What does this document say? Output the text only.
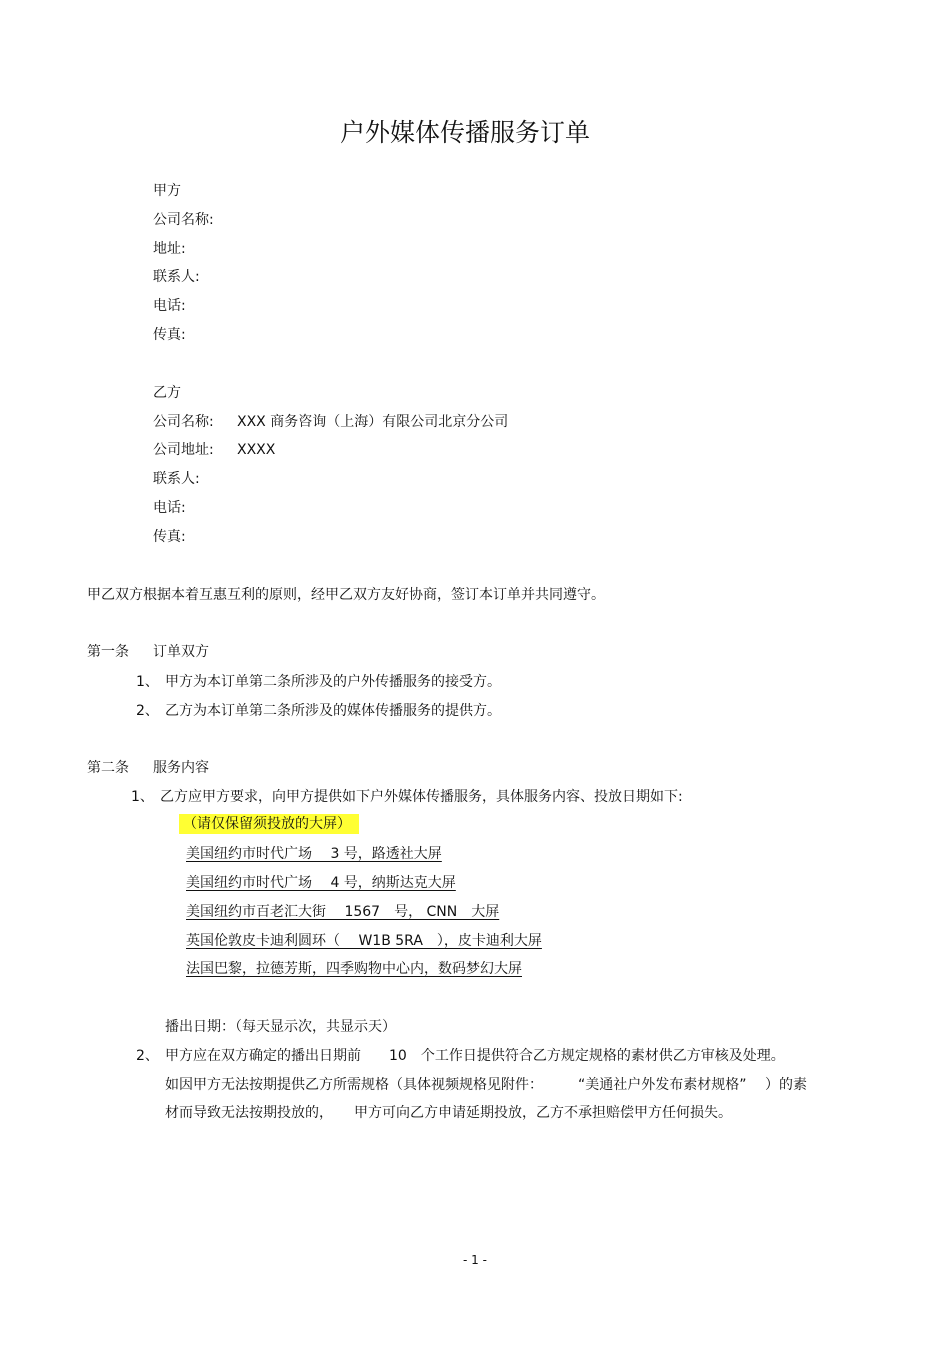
户外媒体传播服务订单
甲方
公司名称:
地址:
联系人:
电话:
传真:
乙方
公司名称: XXX 商务咨询（上海）有限公司北京分公司
公司地址: XXXX
联系人:
电话:
传真:
甲乙双方根据本着互惠互利的原则，经甲乙双方友好协商，签订本订单并共同遵守。
第一条 订单双方
1、 甲方为本订单第二条所涉及的户外传播服务的接受方。
2、 乙方为本订单第二条所涉及的媒体传播服务的提供方。
第二条 服务内容
1、 乙方应甲方要求，向甲方提供如下户外媒体传播服务，具体服务内容、投放日期如下:
（请仅保留须投放的大屏）
美国纽约市时代广场　 3 号，路透社大屏
美国纽约市时代广场　 4 号，纳斯达克大屏
美国纽约市百老汇大街　 1567　号， CNN　大屏
英国伦敦皮卡迪利圆环（　 W1B 5RA　），皮卡迪利大屏
法国巴黎，拉德芳斯，四季购物中心内，数码梦幻大屏
播出日期：（每天显示次，共显示天）
2、 甲方应在双方确定的播出日期前　　10　个工作日提供符合乙方规定规格的素材供乙方审核及处理。
如因甲方无法按期提供乙方所需规格（具体视频规格见附件：　　　“美通社户外发布素材规格”　 ）的素
材而导致无法按期投放的，　　甲方可向乙方申请延期投放，乙方不承担赔偿甲方任何损失。
- 1 -
